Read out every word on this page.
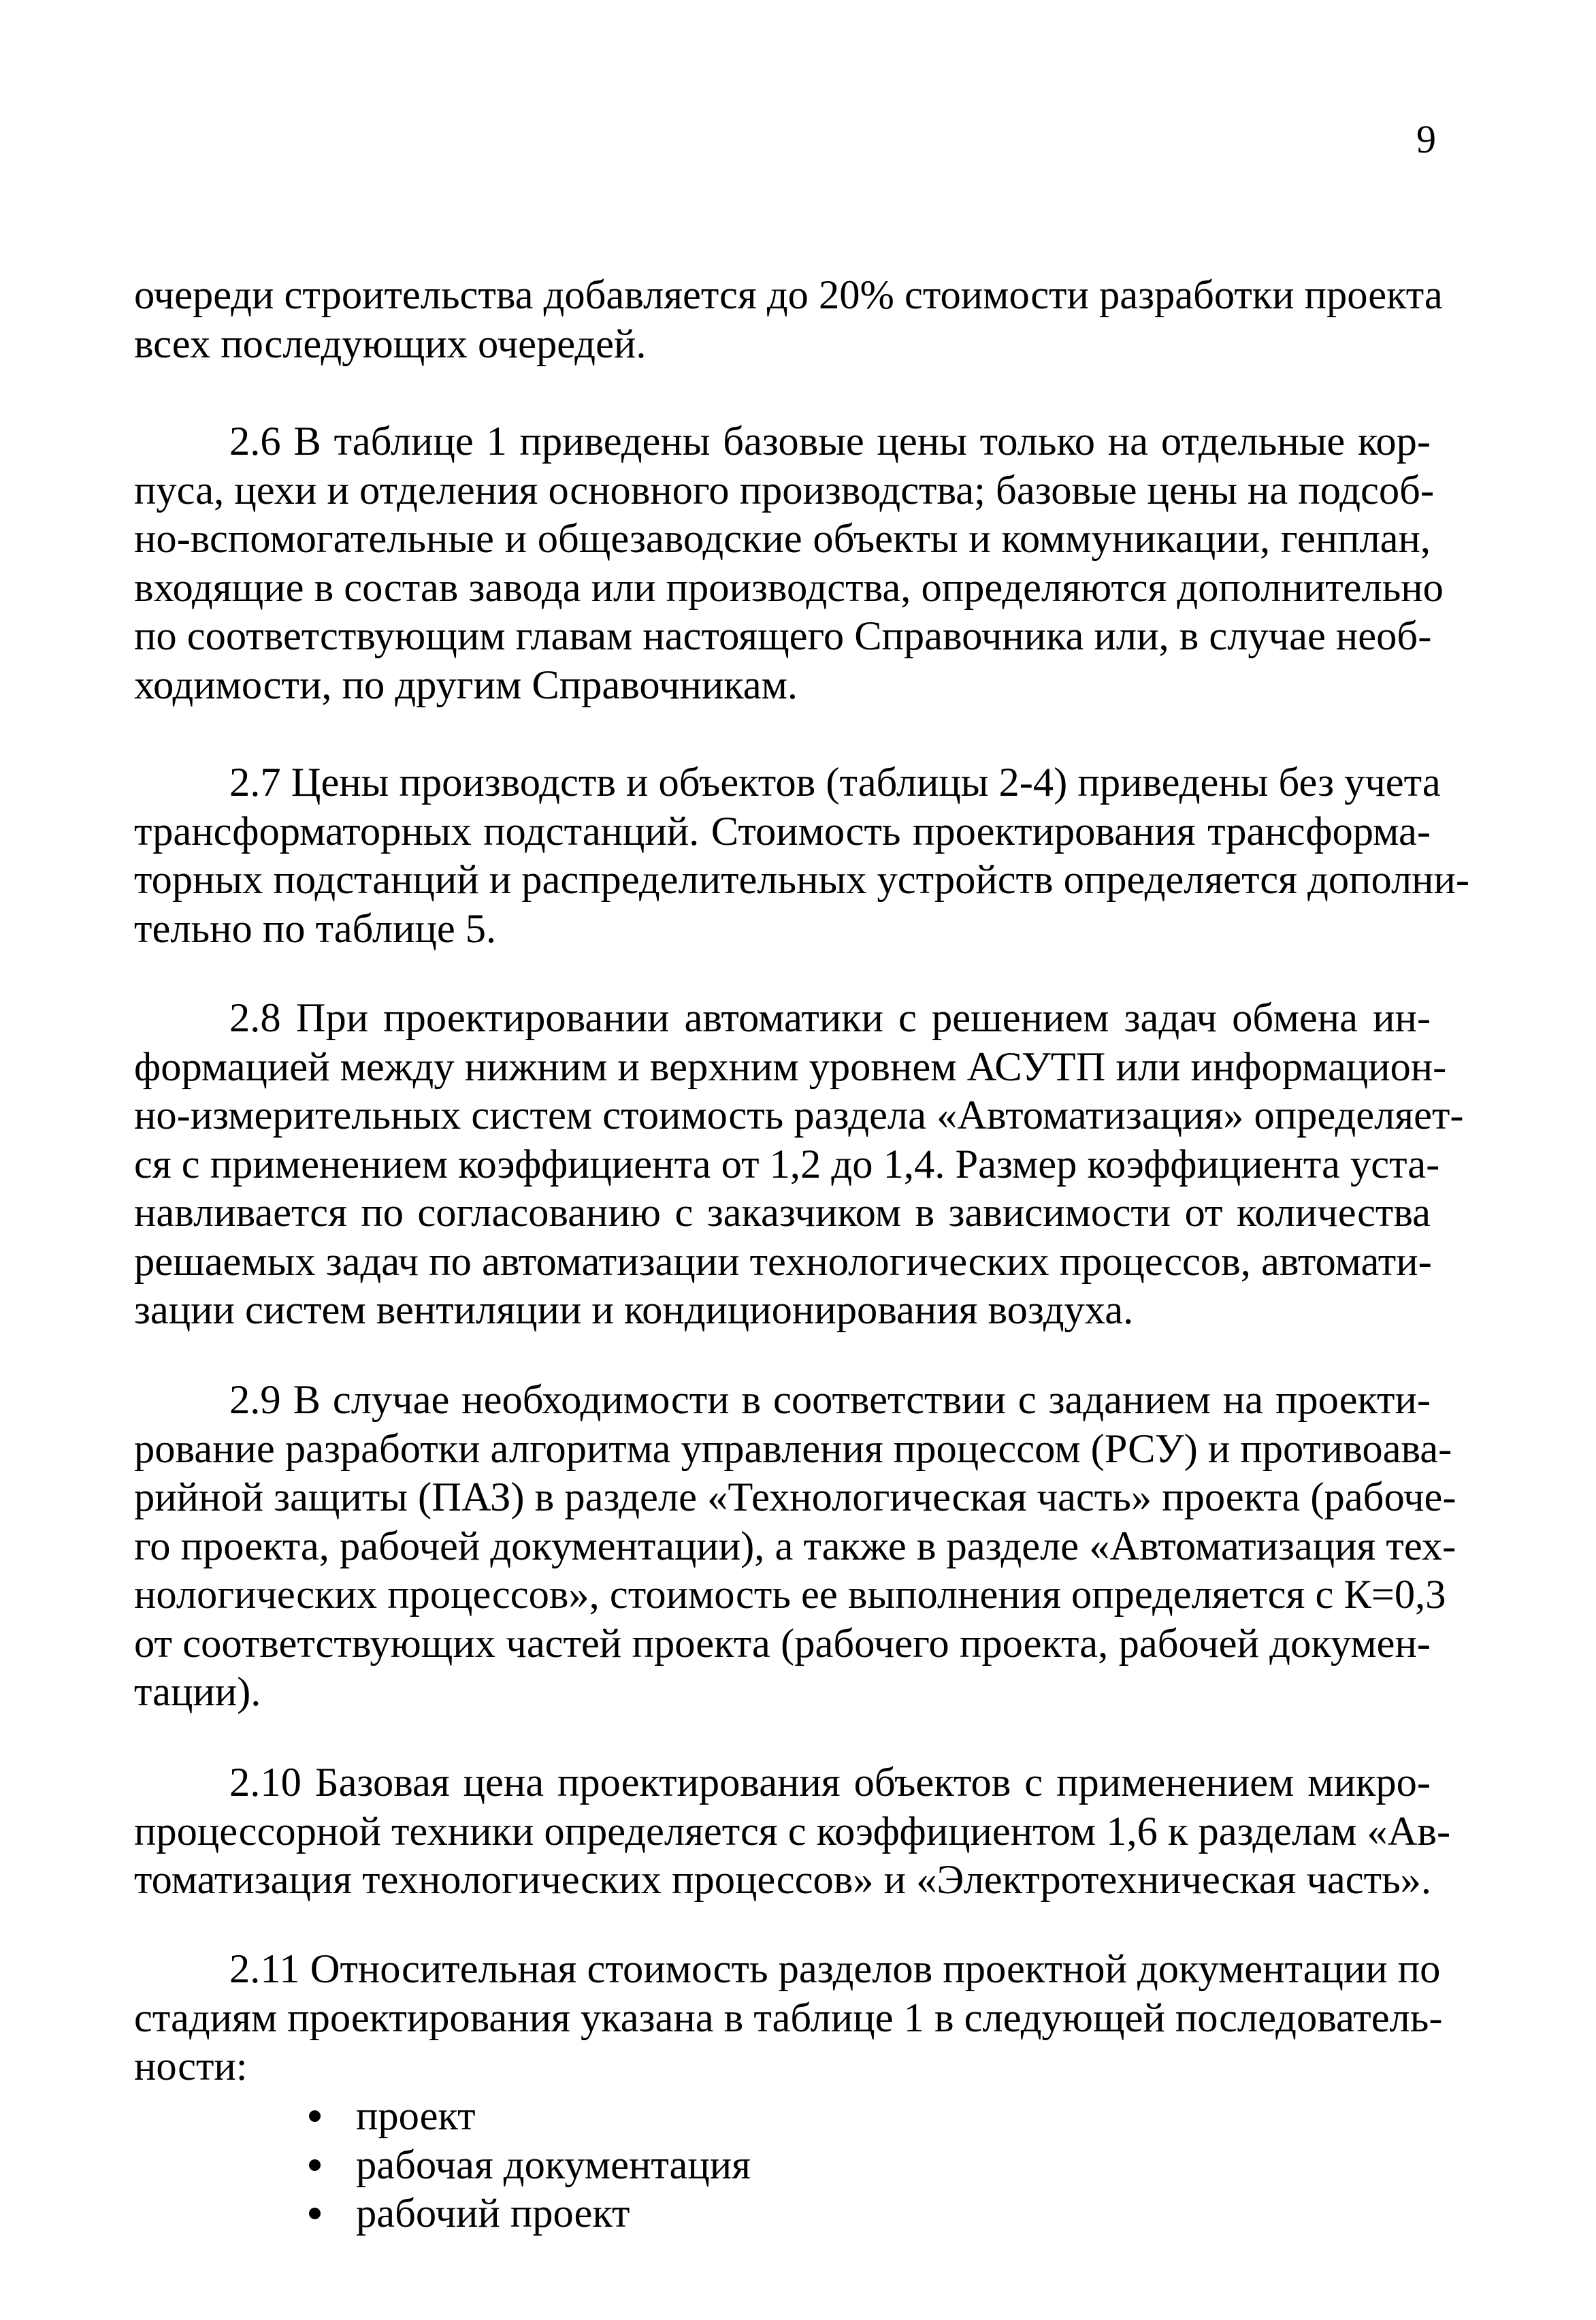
9
очереди строительства добавляется до 20% стоимости разработки проекта
всех последующих очередей.
2.6 В таблице 1 приведены базовые цены только на отдельные кор-
пуса, цехи и отделения основного производства; базовые цены на подсоб-
но-вспомогательные и общезаводские объекты и коммуникации, генплан,
входящие в состав завода или производства, определяются дополнительно
по соответствующим главам настоящего Справочника или, в случае необ-
ходимости, по другим Справочникам.
2.7 Цены производств и объектов (таблицы 2-4) приведены без учета
трансформаторных подстанций. Стоимость проектирования трансформа-
торных подстанций и распределительных устройств определяется дополни-
тельно по таблице 5.
2.8 При проектировании автоматики с решением задач обмена ин-
формацией между нижним и верхним уровнем АСУТП или информацион-
но-измерительных систем стоимость раздела «Автоматизация» определяет-
ся с применением коэффициента от 1,2 до 1,4. Размер коэффициента уста-
навливается по согласованию с заказчиком в зависимости от количества
решаемых задач по автоматизации технологических процессов, автомати-
зации систем вентиляции и кондиционирования воздуха.
2.9 В случае необходимости в соответствии с заданием на проекти-
рование разработки алгоритма управления процессом (РСУ) и противоава-
рийной защиты (ПАЗ) в разделе «Технологическая часть» проекта (рабоче-
го проекта, рабочей документации), а также в разделе «Автоматизация тех-
нологических процессов», стоимость ее выполнения определяется с К=0,3
от соответствующих частей проекта (рабочего проекта, рабочей докумен-
тации).
2.10 Базовая цена проектирования объектов с применением микро-
процессорной техники определяется с коэффициентом 1,6 к разделам «Ав-
томатизация технологических процессов» и «Электротехническая часть».
2.11 Относительная стоимость разделов проектной документации по
стадиям проектирования указана в таблице 1 в следующей последователь-
ности:
проект
рабочая документация
рабочий проект
